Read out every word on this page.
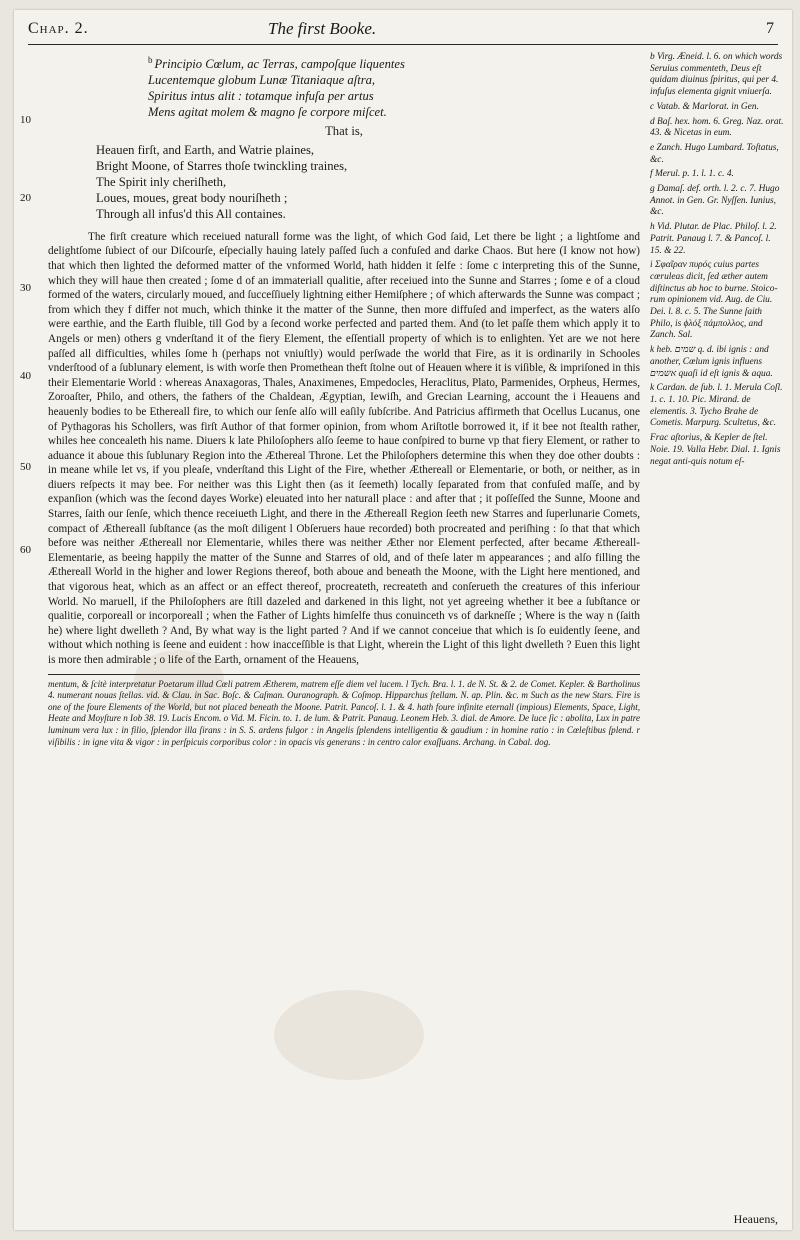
Chap. 2.	The first Booke.	7
10
20
30
40
50
60

$^b$ Principio Cœlum, ac Terras, campoſque liquentes

Lucentemque globum Lunæ Titaniaque aſtra,

Spiritus intus alit : totamque infuſa per artus

Mens agitat molem & magno ſe corpore miſcet.

That is,

Heauen firſt, and Earth, and Watrie plaines,

Bright Moone, of Starres thoſe twinckling traines,

The Spirit inly cheriſheth,

Loues, moues, great body nouriſheth ;

Through all infus'd this All containes.

The firſt creature which receiued naturall forme was the light, of which God ſaid, Let there be light ; a lightſome and delightſome ſubiect of our Diſcourſe, eſpecially hauing lately paſſed ſuch a confuſed and darke Chaos. But here (I know not how) that which then lighted the deformed matter of the vnformed World, hath hidden it ſelfe : ſome c interpreting this of the Sunne, which they will haue then created ; ſome d of an immateriall qualitie, after receiued into the Sunne and Starres ; ſome e of a cloud formed of the waters, circularly moued, and ſucceſſiuely lightning either Hemiſphere ; of which afterwards the Sunne was compact ; from which they f differ not much, which thinke it the matter of the Sunne, then more diffuſed and imperfect, as the waters alſo were earthie, and the Earth fluible, till God by a ſecond worke perfected and parted them. And (to let paſſe them which apply it to Angels or men) others g vnderſtand it of the fiery Element, the eſſentiall property of which is to enlighten. Yet are we not here paſſed all difficulties, whiles ſome h (perhaps not vniuſtly) would perſwade the world that Fire, as it is ordinarily in Schooles vnderſtood of a ſublunary element, is with worſe then Promethean theft ſtolne out of Heauen where it is viſible, & impriſoned in this their Elementarie World : whereas Anaxagoras, Thales, Anaximenes, Empedocles, Heraclitus, Plato, Parmenides, Orpheus, Hermes, Zoroaſter, Philo, and others, the fathers of the Chaldean, Ægyptian, Iewiſh, and Grecian Learning, account the i Heauens and heauenly bodies to be Ethereall fire, to which our ſenſe alſo will eaſily ſubſcribe. And Patricius affirmeth that Ocellus Lucanus, one of Pythagoras his Schollers, was firſt Author of that former opinion, from whom Ariſtotle borrowed it, if it bee not ſtealth rather, whiles hee concealeth his name. Diuers k late Philoſophers alſo ſeeme to haue conſpired to burne vp that fiery Element, or rather to aduance it aboue this ſublunary Region into the Æthereal Throne. Let the Philoſophers determine this when they doe other doubts : in meane while let vs, if you pleaſe, vnderſtand this Light of the Fire, whether Æthereall or Elementarie, or both, or neither, as in diuers reſpects it may bee. For neither was this Light then (as it ſeemeth) locally ſeparated from that confuſed maſſe, and by expanſion (which was the ſecond dayes Worke) eleuated into her naturall place : and after that ; it poſſeſſed the Sunne, Moone and Starres, ſaith our ſenſe, which thence receiueth Light, and there in the Æthereall Region ſeeth new Starres and ſuperlunarie Comets, compact of Æthereall ſubſtance (as the moſt diligent l Obſeruers haue recorded) both procreated and periſhing : ſo that that which before was neither Æthereall nor Elementarie, whiles there was neither Æther nor Element perfected, after became Æthereall-Elementarie, as beeing happily the matter of the Sunne and Starres of old, and of theſe later m appearances ; and alſo filling the Æthereall World in the higher and lower Regions thereof, both aboue and beneath the Moone, with the Light here mentioned, and that vigorous heat, which as an affect or an effect thereof, procreateth, recreateth and conſerueth the creatures of this inferiour World. No maruell, if the Philoſophers are ſtill dazeled and darkened in this light, not yet agreeing whether it bee a ſubſtance or qualitie, corporeall or incorporeall ; when the Father of Lights himſelfe thus conuinceth vs of darkneſſe ; Where is the way n (ſaith he) where light dwelleth ? And, By what way is the light parted ? And if we cannot conceiue that which is ſo euidently ſeene, and without which nothing is ſeene and euident : how inacceſſible is that Light, wherein the Light of this light dwelleth ? Euen this light is more then admirable ; o life of the Earth, ornament of the Heauens,

mentum, & ſcitè interpretatur Poetarum illud Cœli patrem Ætherem, matrem eſſe diem vel lucem. l Tych. Bra. l. 1. de N. St. & 2. de Comet. Kepler. & Bartholinus 4. numerant nouas ſtellas. vid. & Clau. in Sac. Boſc. & Caſman. Ouranograph. & Coſmop. Hipparchus ſtellam. N. ap. Plin. &c. m Such as the new Stars. Fire is one of the foure Elements of the World, but not placed beneath the Moone. Patrit. Pancoſ. l. 1. & 4. hath foure infinite eternall (impious) Elements, Space, Light, Heate and Moyſture n Iob 38. 19. Lucis Encom. o Vid. M. Ficin. to. 1. de lum. & Patrit. Panaug. Leonem Heb. 3. dial. de Amore. De luce ſic : abolita, Lux in patre luminum vera lux : in filio, ſplendor illa ſirans : in S. S. ardens fulgor : in Angelis ſplendens intelligentia & gaudium : in homine ratio : in Cœleſtibus ſplend. r viſibilis : in igne vita & vigor : in perſpicuis corporibus color : in opacis vis generans : in centro calor exaſſuans. Archang. in Cabal. dog.

b Virg. Æneid. l. 6. on which words Seruius commenteth, Deus eſt quidam diuinus ſpiritus, qui per 4. infuſus elementa gignit vniuerſa.

c Vatab. & Marlorat. in Gen.

d Baſ. hex. hom. 6. Greg. Naz. orat. 43. & Nicetas in eum.

e Zanch. Hugo Lumbard. Toſtatus, &c.

f Merul. p. 1. l. 1. c. 4.

g Damaſ. def. orth. l. 2. c. 7. Hugo Annot. in Gen. Gr. Nyſſen. Iunius, &c.

h Vid. Plutar. de Plac. Philoſ. l. 2. Patrit. Panaug l. 7. & Pancoſ. l. 15. & 22.

i Σφαῖραν πυρός cuius partes cœruleas dicit, ſed æther autem diſtinctus ab hoc to burne. Stoico-rum opinionem vid. Aug. de Ciu. Dei. l. 8. c. 5. The Sunne ſaith Philo, is ϕλόξ πάμπολλος, and Zanch. Sal.

k heb. שמים q. d. ibi ignis : and another, Cœlum ignis influens אשמים quaſi id eſt ignis & aqua.

k Cardan. de ſub. l. 1. Merula Coſl. 1. c. 1. 10. Pic. Mirand. de elementis. 3. Tycho Brahe de Cometis. Marpurg. Scultetus, &c.

Frac aſtorius, & Kepler de ſtel. Noie. 19. Valla Hebr. Dial. 1. Ignis negat anti-quis notum eſ-

Heauens,
